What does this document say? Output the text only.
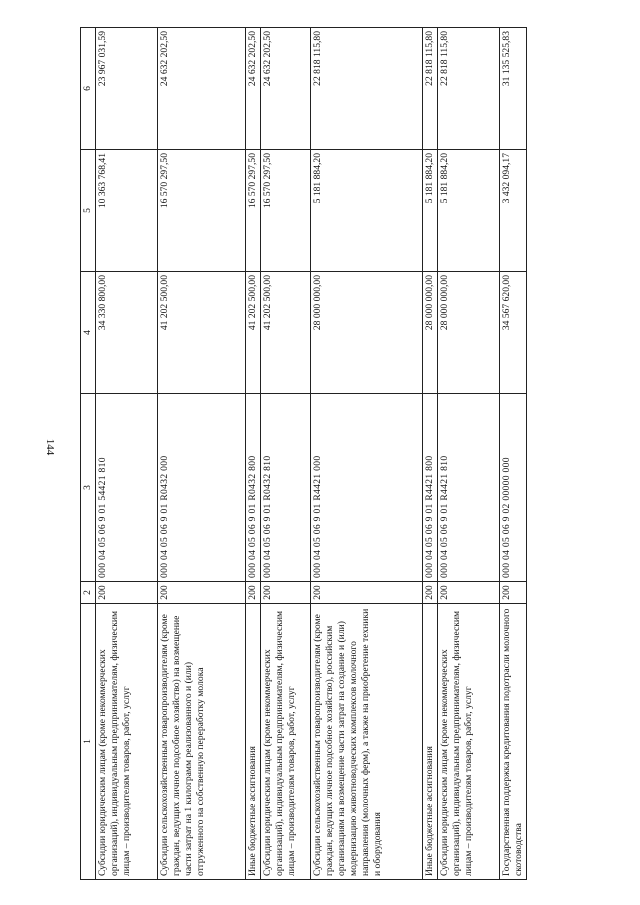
144
1	2	3	4	5	6
Субсидии юридическим лицам (кроме некоммерческих организаций), индивидуальным предпринимателям, физическим лицам – производителям товаров, работ, услуг	200	000 04 05 06 9 01 54421 810	34 330 800,00	10 363 768,41	23 967 031,59
Субсидии сельскохозяйственным товаропроизводителям (кроме граждан, ведущих личное подсобное хозяйство) на возмещение части затрат на 1 килограмм реализованного и (или) отгруженного на собственную переработку молока	200	000 04 05 06 9 01 R0432 000	41 202 500,00	16 570 297,50	24 632 202,50
Иные бюджетные ассигнования	200	000 04 05 06 9 01 R0432 800	41 202 500,00	16 570 297,50	24 632 202,50
Субсидии юридическим лицам (кроме некоммерческих организаций), индивидуальным предпринимателям, физическим лицам – производителям товаров, работ, услуг	200	000 04 05 06 9 01 R0432 810	41 202 500,00	16 570 297,50	24 632 202,50
Субсидии сельскохозяйственным товаропроизводителям (кроме граждан, ведущих личное подсобное хозяйство), российским организациям на возмещение части затрат на создание и (или) модернизацию животноводческих комплексов молочного направления (молочных ферм), а также на приобретение техники и оборудования	200	000 04 05 06 9 01 R4421 000	28 000 000,00	5 181 884,20	22 818 115,80
Иные бюджетные ассигнования	200	000 04 05 06 9 01 R4421 800	28 000 000,00	5 181 884,20	22 818 115,80
Субсидии юридическим лицам (кроме некоммерческих организаций), индивидуальным предпринимателям, физическим лицам – производителям товаров, работ, услуг	200	000 04 05 06 9 01 R4421 810	28 000 000,00	5 181 884,20	22 818 115,80
Государственная поддержка кредитования подотрасли молочного скотоводства	200	000 04 05 06 9 02 00000 000	34 567 620,00	3 432 094,17	31 135 525,83
